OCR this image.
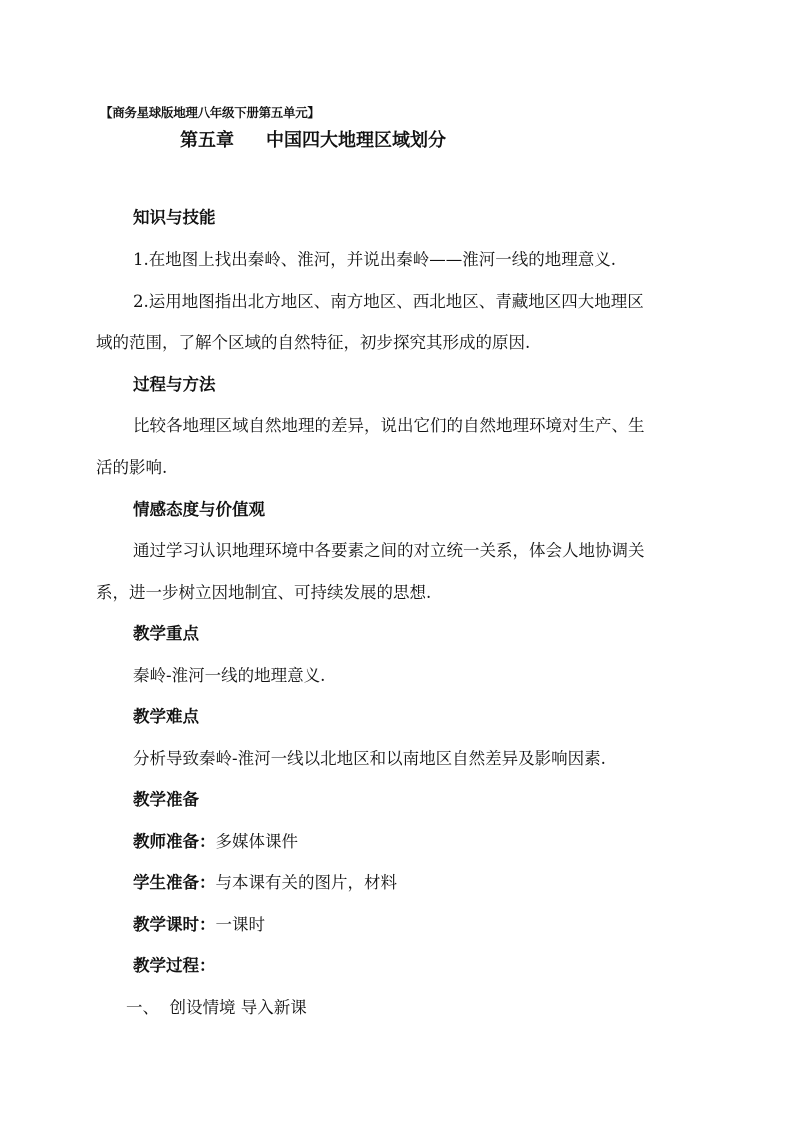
【商务星球版地理八年级下册第五单元】
第五章 中国四大地理区域划分
知识与技能
1.在地图上找出秦岭、淮河，并说出秦岭——淮河一线的地理意义.
2.运用地图指出北方地区、南方地区、西北地区、青藏地区四大地理区
域的范围，了解个区域的自然特征，初步探究其形成的原因.
过程与方法
比较各地理区域自然地理的差异，说出它们的自然地理环境对生产、生
活的影响.
情感态度与价值观
通过学习认识地理环境中各要素之间的对立统一关系，体会人地协调关
系，进一步树立因地制宜、可持续发展的思想.
教学重点
秦岭-淮河一线的地理意义.
教学难点
分析导致秦岭-淮河一线以北地区和以南地区自然差异及影响因素.
教学准备
教师准备：多媒体课件
学生准备：与本课有关的图片，材料
教学课时：一课时
教学过程：
一、 创设情境 导入新课
